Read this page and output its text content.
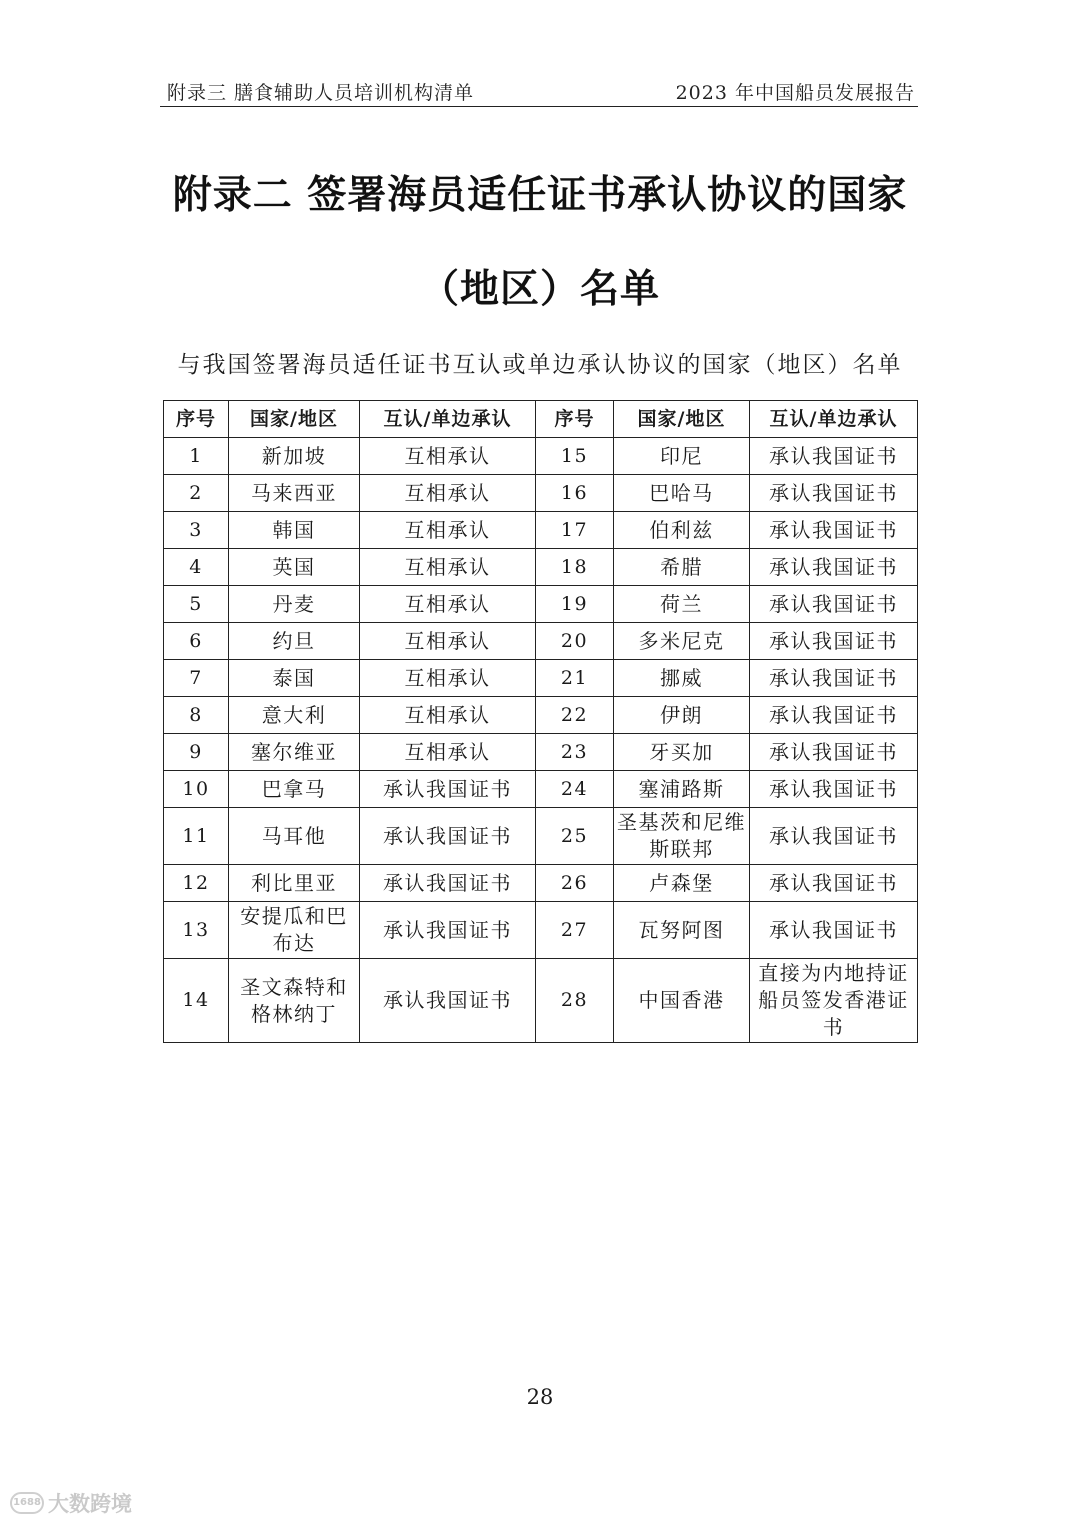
附录三 膳食辅助人员培训机构清单	2023 年中国船员发展报告
附录二 签署海员适任证书承认协议的国家
（地区）名单
与我国签署海员适任证书互认或单边承认协议的国家（地区）名单
序号	国家/地区	互认/单边承认	序号	国家/地区	互认/单边承认
1	新加坡	互相承认	15	印尼	承认我国证书
2	马来西亚	互相承认	16	巴哈马	承认我国证书
3	韩国	互相承认	17	伯利兹	承认我国证书
4	英国	互相承认	18	希腊	承认我国证书
5	丹麦	互相承认	19	荷兰	承认我国证书
6	约旦	互相承认	20	多米尼克	承认我国证书
7	泰国	互相承认	21	挪威	承认我国证书
8	意大利	互相承认	22	伊朗	承认我国证书
9	塞尔维亚	互相承认	23	牙买加	承认我国证书
10	巴拿马	承认我国证书	24	塞浦路斯	承认我国证书
11	马耳他	承认我国证书	25	圣基茨和尼维斯联邦	承认我国证书
12	利比里亚	承认我国证书	26	卢森堡	承认我国证书
13	安提瓜和巴布达	承认我国证书	27	瓦努阿图	承认我国证书
14	圣文森特和格林纳丁	承认我国证书	28	中国香港	直接为内地持证船员签发香港证书
28
1688 大数跨境
